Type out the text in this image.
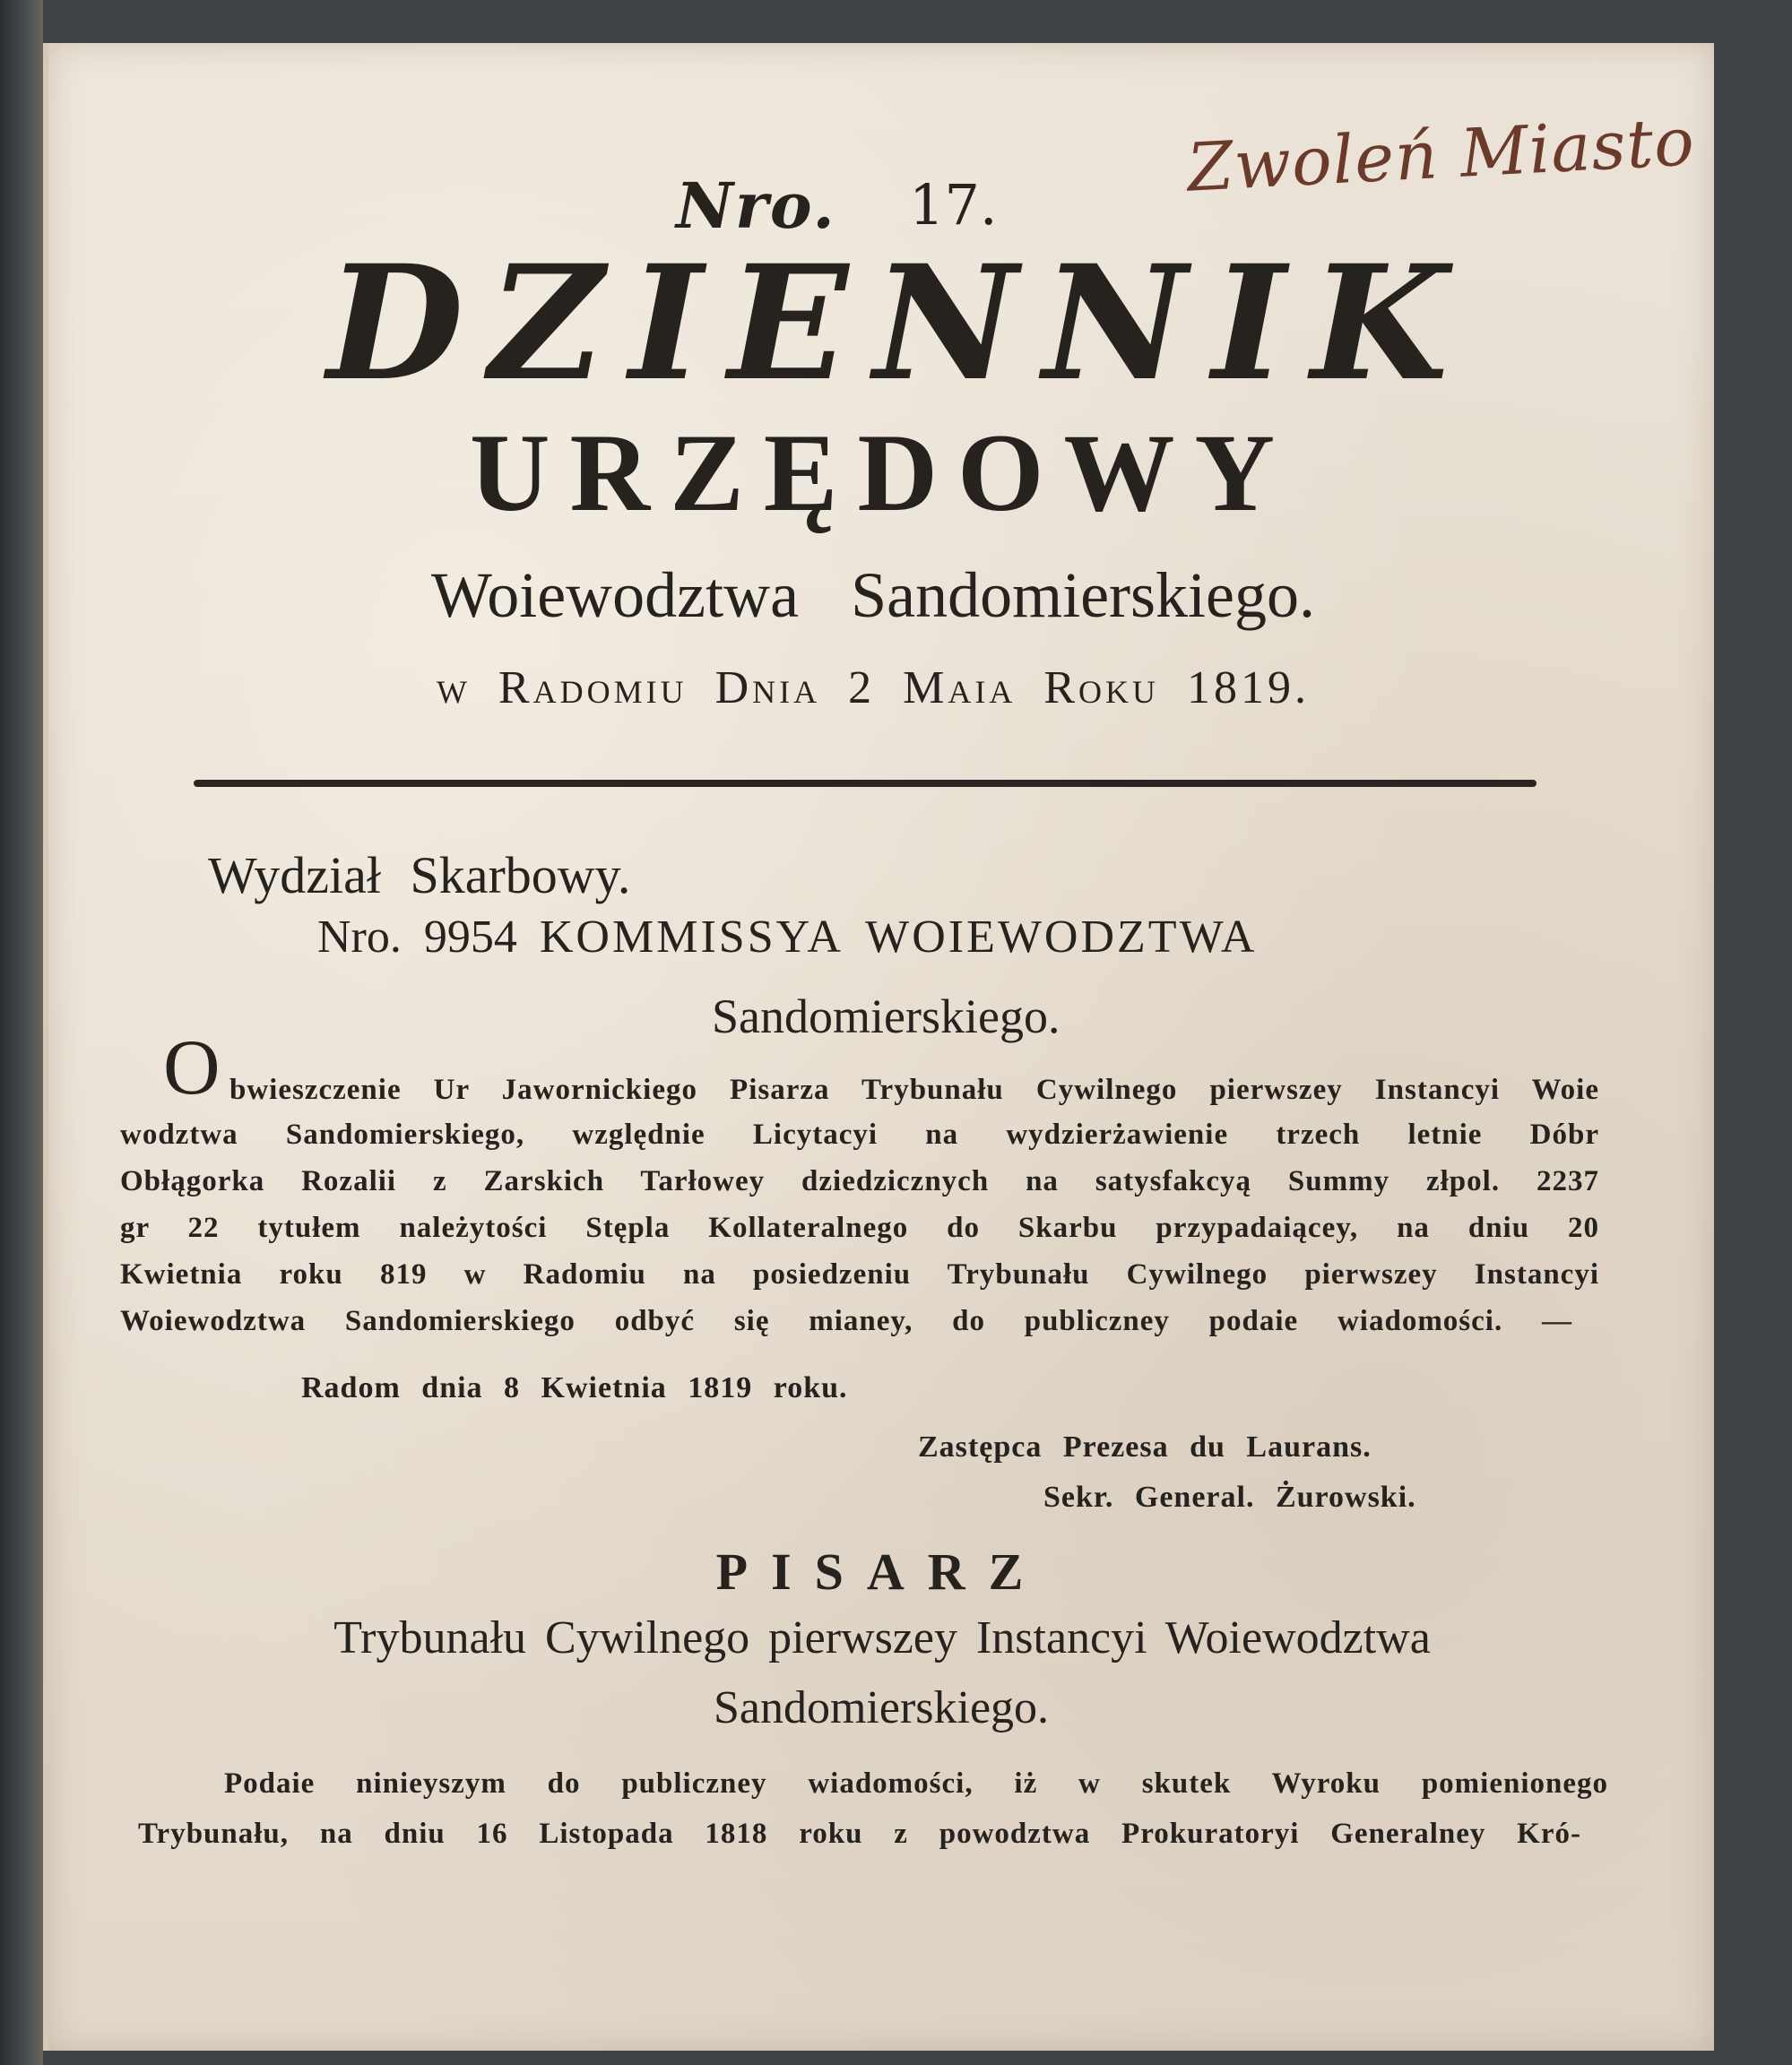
Nro. 17.	Zwoleń Miasto
DZIENNIK
URZĘDOWY
Woiewodztwa Sandomierskiego.
w Radomiu Dnia 2 Maia Roku 1819.
Wydział Skarbowy.
Nro. 9954 KOMMISSYA WOIEWODZTWA
Sandomierskiego.
O bwieszczenie Ur Jawornickiego Pisarza Trybunału Cywilnego pierwszey Instancyi Woie
wodztwa Sandomierskiego, względnie Licytacyi na wydzierżawienie trzech letnie Dóbr
Obłągorka Rozalii z Zarskich Tarłowey dziedzicznych na satysfakcyą Summy złpol. 2237
gr 22 tytułem należytości Stępla Kollateralnego do Skarbu przypadaiącey, na dniu 20
Kwietnia roku 819 w Radomiu na posiedzeniu Trybunału Cywilnego pierwszey Instancyi
Woiewodztwa Sandomierskiego odbyć się mianey, do publiczney podaie wiadomości. —
Radom dnia 8 Kwietnia 1819 roku.
Zastępca Prezesa du Laurans.
Sekr. General. Żurowski.
PISARZ
Trybunału Cywilnego pierwszey Instancyi Woiewodztwa
Sandomierskiego.
Podaie ninieyszym do publiczney wiadomości, iż w skutek Wyroku pomienionego
Trybunału, na dniu 16 Listopada 1818 roku z powodztwa Prokuratoryi Generalney Kró-
